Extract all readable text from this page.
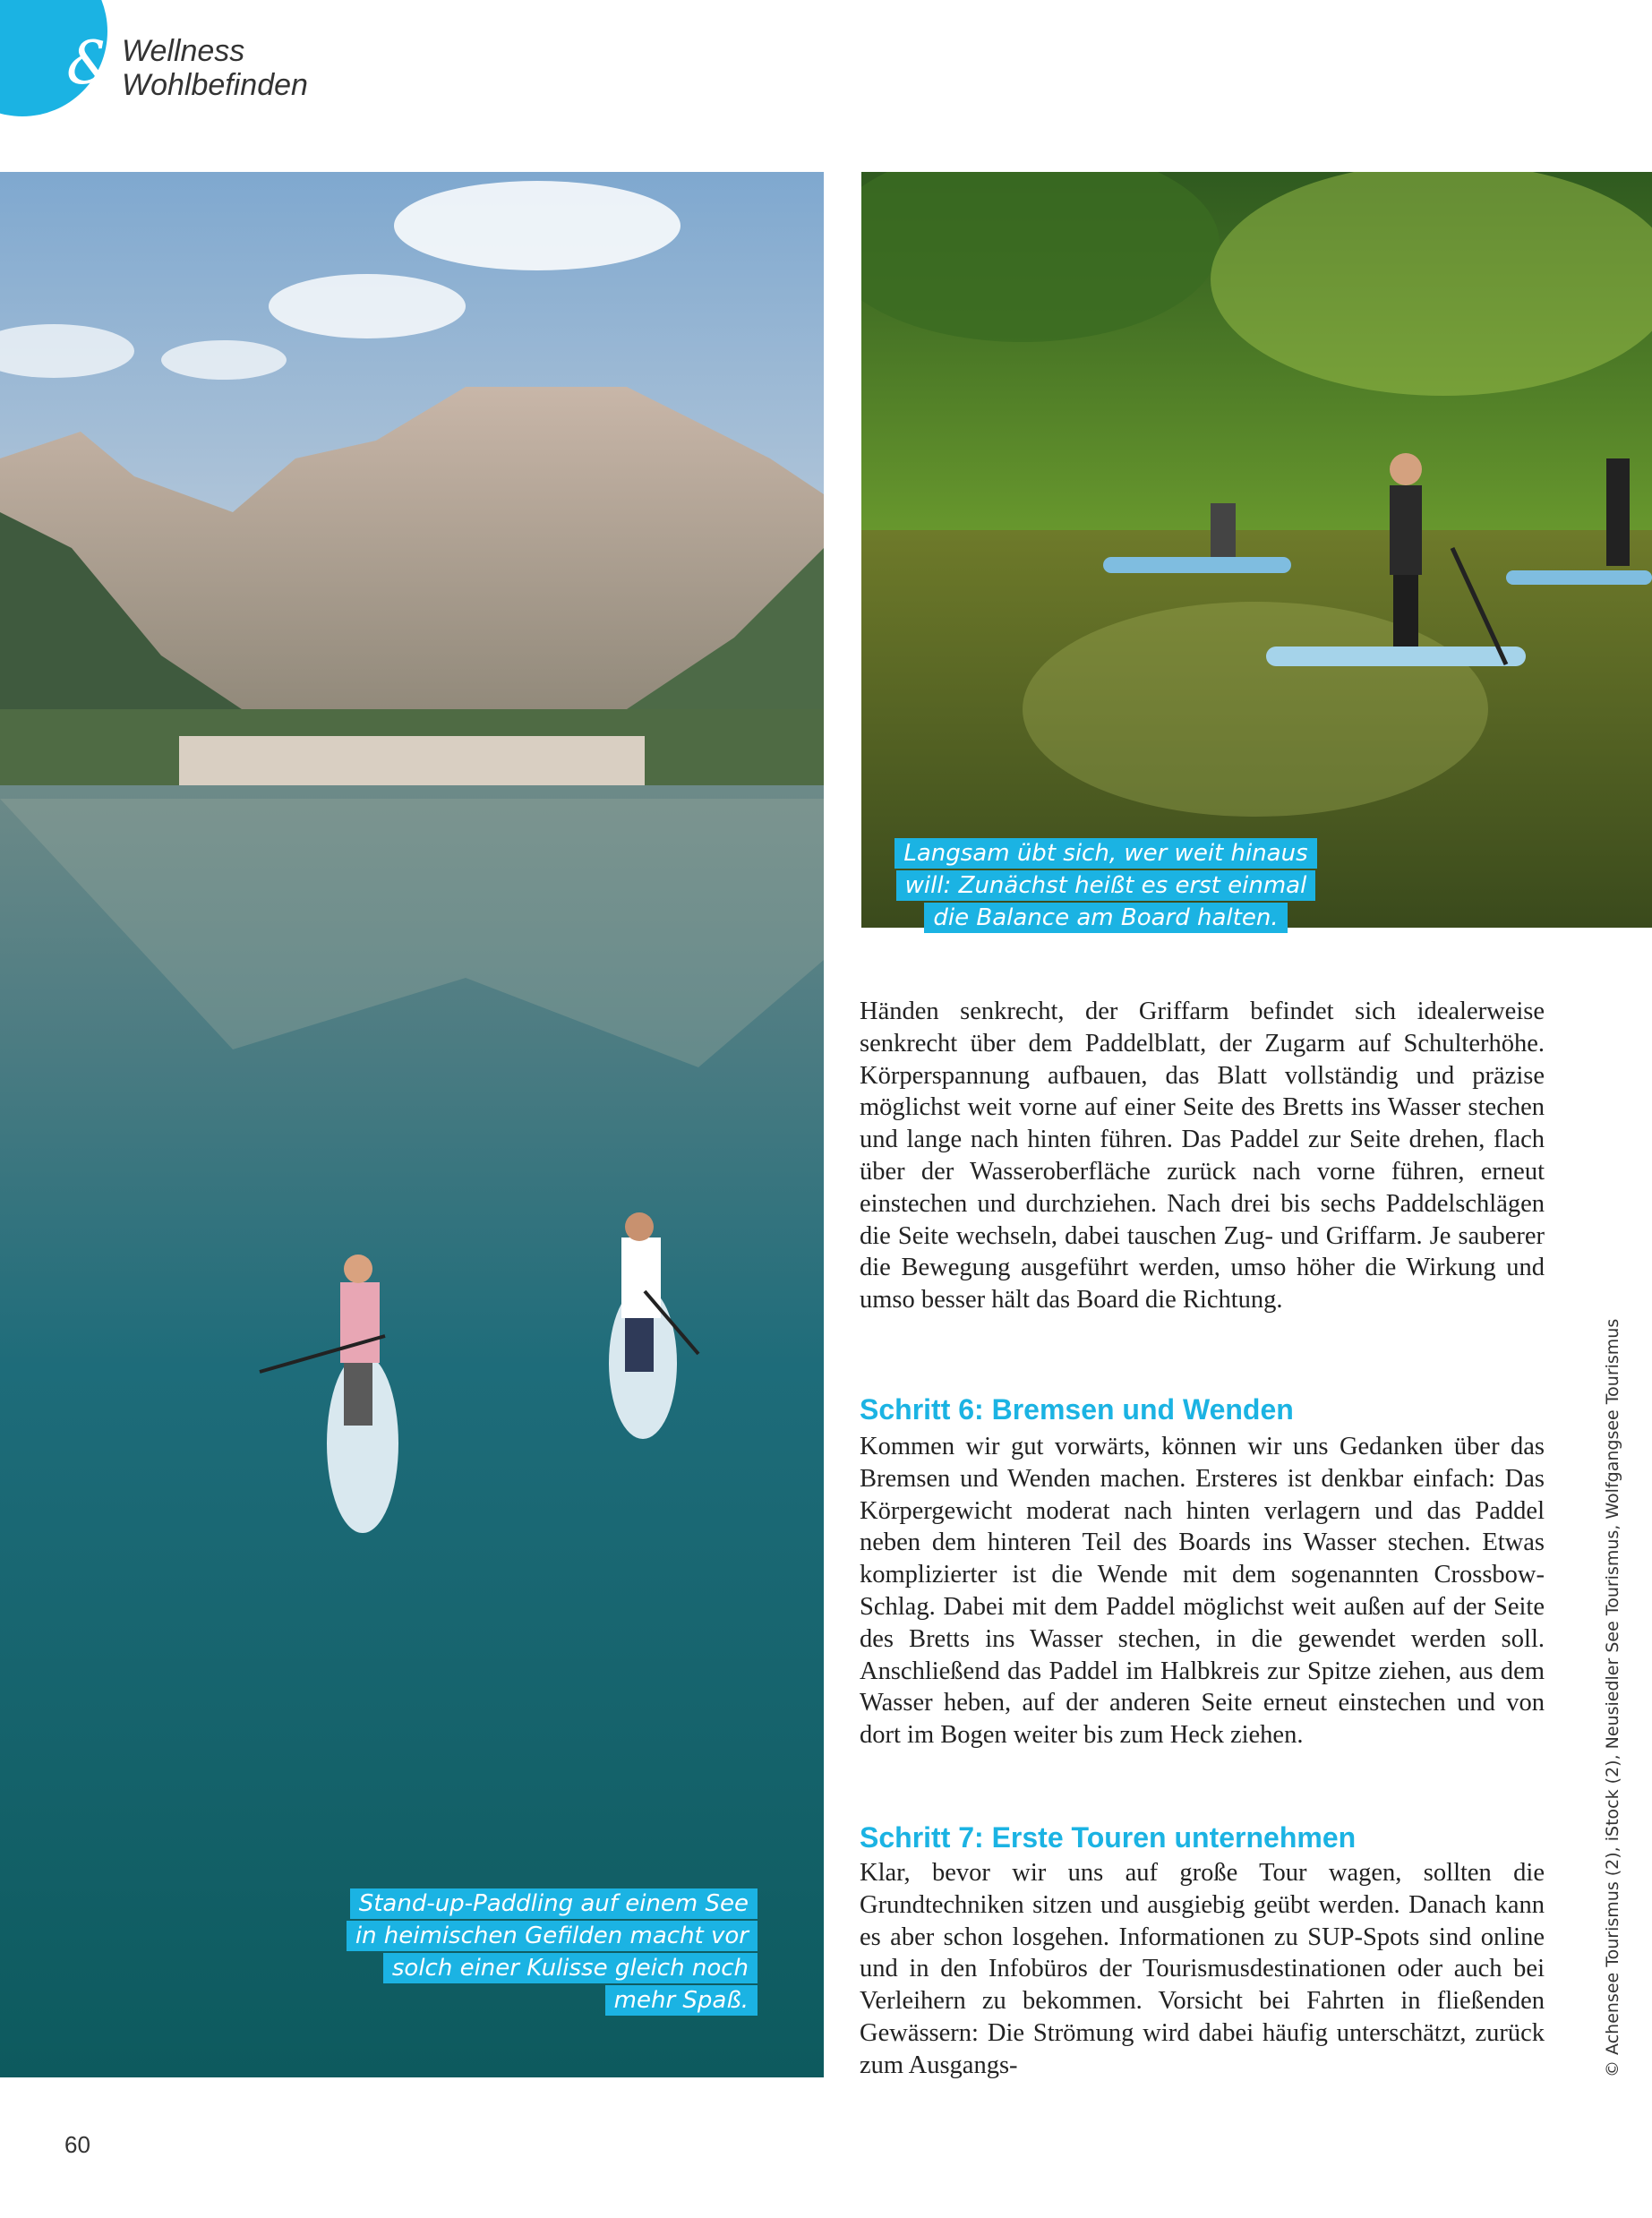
& Wellness
Wohlbefinden
Langsam übt sich, wer weit hinaus will: Zunächst heißt es erst einmal die Balance am Board halten.
Stand-up-Paddling auf einem See in heimischen Gefilden macht vor solch einer Kulisse gleich noch mehr Spaß.

Händen senkrecht, der Griffarm befindet sich idealerweise senkrecht über dem Paddelblatt, der Zugarm auf Schulterhöhe. Körperspannung aufbauen, das Blatt vollständig und präzise möglichst weit vorne auf einer Seite des Bretts ins Wasser stechen und lange nach hinten führen. Das Paddel zur Seite drehen, flach über der Wasseroberfläche zurück nach vorne führen, erneut einstechen und durchziehen. Nach drei bis sechs Paddelschlägen die Seite wechseln, dabei tauschen Zug- und Griffarm. Je sauberer die Bewegung ausgeführt werden, umso höher die Wirkung und umso besser hält das Board die Richtung.

Schritt 6: Bremsen und Wenden

Kommen wir gut vorwärts, können wir uns Gedanken über das Bremsen und Wenden machen. Ersteres ist denkbar einfach: Das Körpergewicht moderat nach hinten verlagern und das Paddel neben dem hinteren Teil des Boards ins Wasser stechen. Etwas komplizierter ist die Wende mit dem sogenannten Crossbow-Schlag. Dabei mit dem Paddel möglichst weit außen auf der Seite des Bretts ins Wasser stechen, in die gewendet werden soll. Anschließend das Paddel im Halbkreis zur Spitze ziehen, aus dem Wasser heben, auf der anderen Seite erneut einstechen und von dort im Bogen weiter bis zum Heck ziehen.

Schritt 7: Erste Touren unternehmen

Klar, bevor wir uns auf große Tour wagen, sollten die Grundtechniken sitzen und ausgiebig geübt werden. Danach kann es aber schon losgehen. Informationen zu SUP-Spots sind online und in den Infobüros der Tourismusdestinationen oder auch bei Verleihern zu bekommen. Vorsicht bei Fahrten in fließenden Gewässern: Die Strömung wird dabei häufig unterschätzt, zurück zum Ausgangs-	© Achensee Tourismus (2), iStock (2), Neusiedler See Tourismus, Wolfgangsee Tourismus
60
